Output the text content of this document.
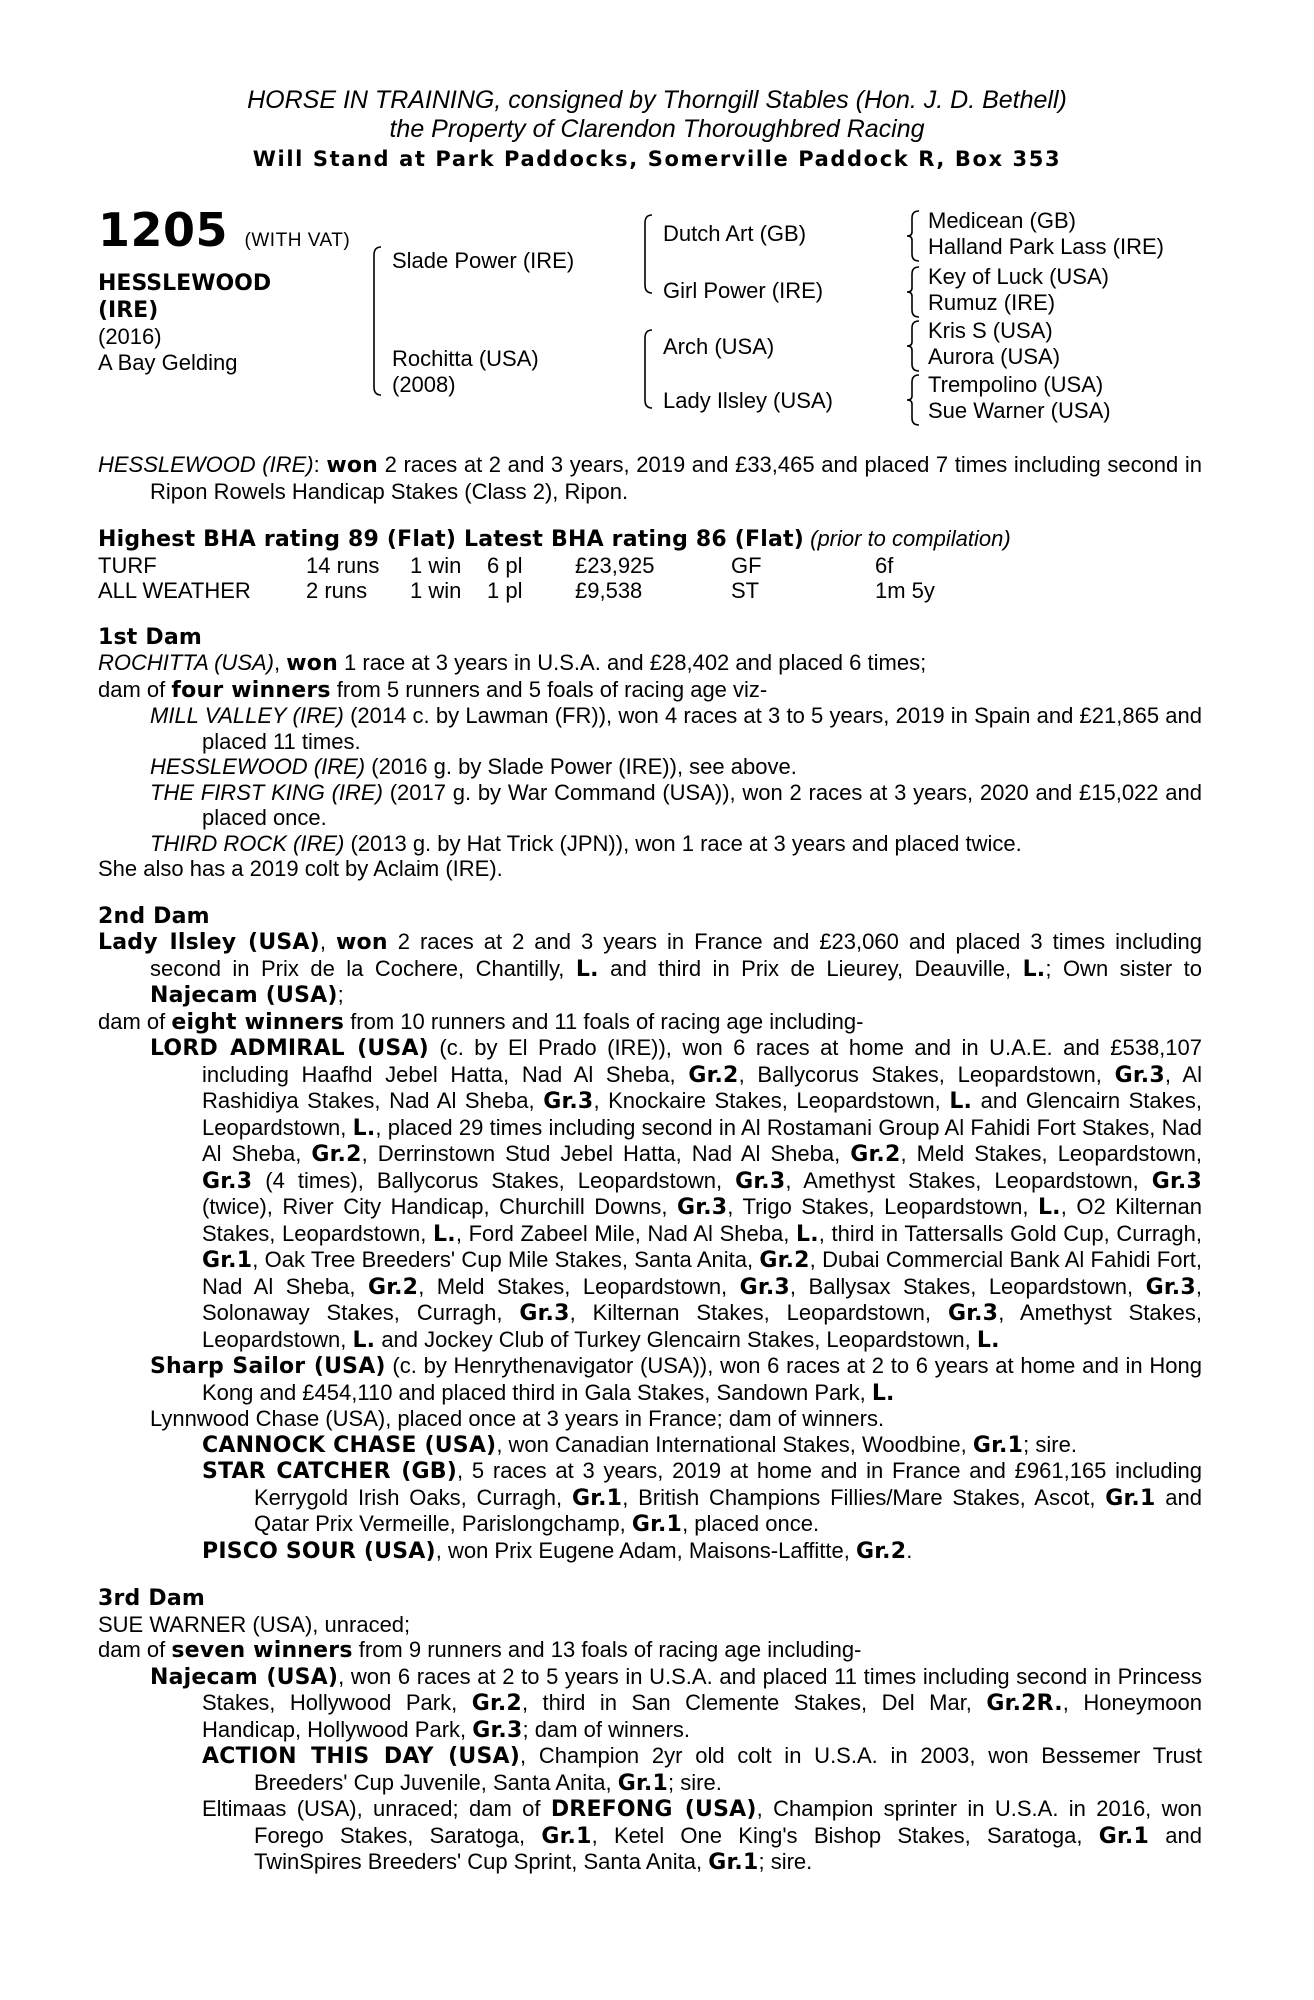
HORSE IN TRAINING, consigned by Thorngill Stables (Hon. J. D. Bethell)
the Property of Clarendon Thoroughbred Racing
Will Stand at Park Paddocks, Somerville Paddock R, Box 353
1205 (WITH VAT)
HESSLEWOOD
(IRE)
(2016)
A Bay Gelding
Slade Power (IRE)
Rochitta (USA)
(2008)
Dutch Art (GB)
Girl Power (IRE)
Arch (USA)
Lady Ilsley (USA)
Medicean (GB)
Halland Park Lass (IRE)
Key of Luck (USA)
Rumuz (IRE)
Kris S (USA)
Aurora (USA)
Trempolino (USA)
Sue Warner (USA)
HESSLEWOOD (IRE): won 2 races at 2 and 3 years, 2019 and £33,465 and placed 7 times including second in Ripon Rowels Handicap Stakes (Class 2), Ripon.
Highest BHA rating 89 (Flat) Latest BHA rating 86 (Flat) (prior to compilation)
TURF	14 runs	1 win	6 pl	£23,925	GF	6f
ALL WEATHER	2 runs	1 win	1 pl	£9,538	ST	1m 5y
1st Dam
ROCHITTA (USA), won 1 race at 3 years in U.S.A. and £28,402 and placed 6 times;
dam of four winners from 5 runners and 5 foals of racing age viz-
MILL VALLEY (IRE) (2014 c. by Lawman (FR)), won 4 races at 3 to 5 years, 2019 in Spain and £21,865 and placed 11 times.
HESSLEWOOD (IRE) (2016 g. by Slade Power (IRE)), see above.
THE FIRST KING (IRE) (2017 g. by War Command (USA)), won 2 races at 3 years, 2020 and £15,022 and placed once.
THIRD ROCK (IRE) (2013 g. by Hat Trick (JPN)), won 1 race at 3 years and placed twice.
She also has a 2019 colt by Aclaim (IRE).
2nd Dam
Lady Ilsley (USA), won 2 races at 2 and 3 years in France and £23,060 and placed 3 times including second in Prix de la Cochere, Chantilly, L. and third in Prix de Lieurey, Deauville, L.; Own sister to Najecam (USA);
dam of eight winners from 10 runners and 11 foals of racing age including-
LORD ADMIRAL (USA) (c. by El Prado (IRE)), won 6 races at home and in U.A.E. and £538,107 including Haafhd Jebel Hatta, Nad Al Sheba, Gr.2, Ballycorus Stakes, Leopardstown, Gr.3, Al Rashidiya Stakes, Nad Al Sheba, Gr.3, Knockaire Stakes, Leopardstown, L. and Glencairn Stakes, Leopardstown, L., placed 29 times including second in Al Rostamani Group Al Fahidi Fort Stakes, Nad Al Sheba, Gr.2, Derrinstown Stud Jebel Hatta, Nad Al Sheba, Gr.2, Meld Stakes, Leopardstown, Gr.3 (4 times), Ballycorus Stakes, Leopardstown, Gr.3, Amethyst Stakes, Leopardstown, Gr.3 (twice), River City Handicap, Churchill Downs, Gr.3, Trigo Stakes, Leopardstown, L., O2 Kilternan Stakes, Leopardstown, L., Ford Zabeel Mile, Nad Al Sheba, L., third in Tattersalls Gold Cup, Curragh, Gr.1, Oak Tree Breeders' Cup Mile Stakes, Santa Anita, Gr.2, Dubai Commercial Bank Al Fahidi Fort, Nad Al Sheba, Gr.2, Meld Stakes, Leopardstown, Gr.3, Ballysax Stakes, Leopardstown, Gr.3, Solonaway Stakes, Curragh, Gr.3, Kilternan Stakes, Leopardstown, Gr.3, Amethyst Stakes, Leopardstown, L. and Jockey Club of Turkey Glencairn Stakes, Leopardstown, L.
Sharp Sailor (USA) (c. by Henrythenavigator (USA)), won 6 races at 2 to 6 years at home and in Hong Kong and £454,110 and placed third in Gala Stakes, Sandown Park, L.
Lynnwood Chase (USA), placed once at 3 years in France; dam of winners.
CANNOCK CHASE (USA), won Canadian International Stakes, Woodbine, Gr.1; sire.
STAR CATCHER (GB), 5 races at 3 years, 2019 at home and in France and £961,165 including Kerrygold Irish Oaks, Curragh, Gr.1, British Champions Fillies/Mare Stakes, Ascot, Gr.1 and Qatar Prix Vermeille, Parislongchamp, Gr.1, placed once.
PISCO SOUR (USA), won Prix Eugene Adam, Maisons-Laffitte, Gr.2.
3rd Dam
SUE WARNER (USA), unraced;
dam of seven winners from 9 runners and 13 foals of racing age including-
Najecam (USA), won 6 races at 2 to 5 years in U.S.A. and placed 11 times including second in Princess Stakes, Hollywood Park, Gr.2, third in San Clemente Stakes, Del Mar, Gr.2R., Honeymoon Handicap, Hollywood Park, Gr.3; dam of winners.
ACTION THIS DAY (USA), Champion 2yr old colt in U.S.A. in 2003, won Bessemer Trust Breeders' Cup Juvenile, Santa Anita, Gr.1; sire.
Eltimaas (USA), unraced; dam of DREFONG (USA), Champion sprinter in U.S.A. in 2016, won Forego Stakes, Saratoga, Gr.1, Ketel One King's Bishop Stakes, Saratoga, Gr.1 and TwinSpires Breeders' Cup Sprint, Santa Anita, Gr.1; sire.
